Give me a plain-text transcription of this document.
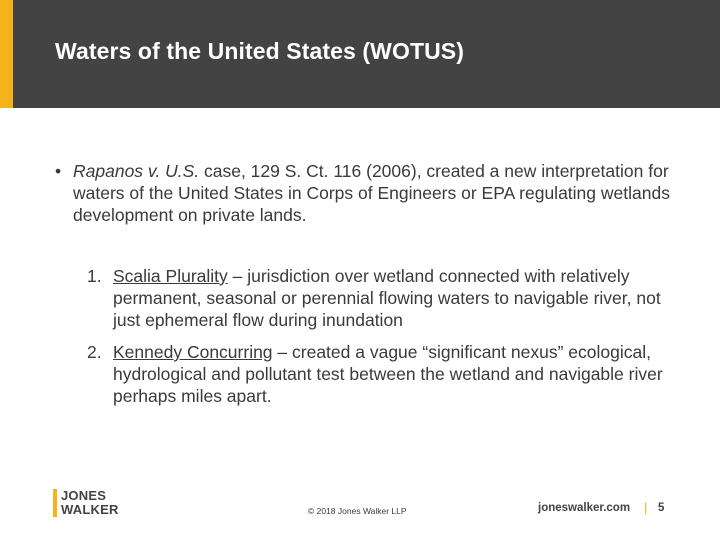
Waters of the United States (WOTUS)
• Rapanos v. U.S. case, 129 S. Ct. 116 (2006), created a new interpretation for waters of the United States in Corps of Engineers or EPA regulating wetlands development on private lands.
1. Scalia Plurality – jurisdiction over wetland connected with relatively permanent, seasonal or perennial flowing waters to navigable river, not just ephemeral flow during inundation
2. Kennedy Concurring – created a vague “significant nexus” ecological, hydrological and pollutant test between the wetland and navigable river perhaps miles apart.
JONES
WALKER	© 2018 Jones Walker LLP	joneswalker.com | 5
